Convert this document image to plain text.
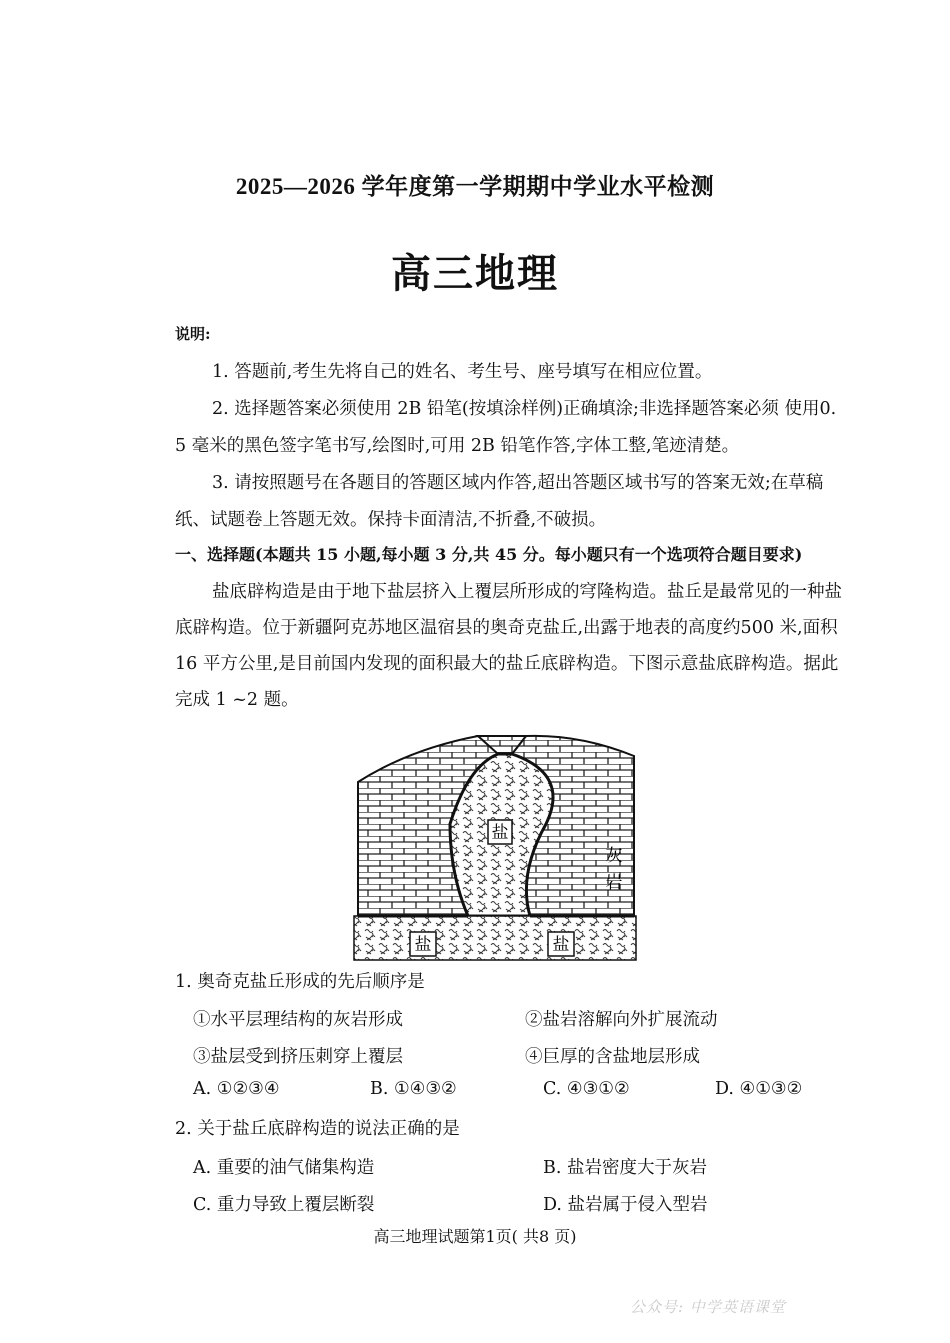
2025—2026 学年度第一学期期中学业水平检测
高三地理
说明:
1. 答题前,考生先将自己的姓名、考生号、座号填写在相应位置。
2. 选择题答案必须使用 2B 铅笔(按填涂样例)正确填涂;非选择题答案必须 使用0.
5 毫米的黑色签字笔书写,绘图时,可用 2B 铅笔作答,字体工整,笔迹清楚。
3. 请按照题号在各题目的答题区域内作答,超出答题区域书写的答案无效;在草稿
纸、试题卷上答题无效。保持卡面清洁,不折叠,不破损。
一、选择题(本题共 15 小题,每小题 3 分,共 45 分。每小题只有一个选项符合题目要求)
盐底辟构造是由于地下盐层挤入上覆层所形成的穹隆构造。盐丘是最常见的一种盐
底辟构造。位于新疆阿克苏地区温宿县的奥奇克盐丘,出露于地表的高度约500 米,面积
16 平方公里,是目前国内发现的面积最大的盐丘底辟构造。下图示意盐底辟构造。据此
完成 1 ~2 题。
盐
灰
岩
盐	盐
1. 奥奇克盐丘形成的先后顺序是
①水平层理结构的灰岩形成	②盐岩溶解向外扩展流动
③盐层受到挤压刺穿上覆层	④巨厚的含盐地层形成
A. ①②③④	B. ①④③②	C. ④③①②	D. ④①③②
2. 关于盐丘底辟构造的说法正确的是
A. 重要的油气储集构造	B. 盐岩密度大于灰岩
C. 重力导致上覆层断裂	D. 盐岩属于侵入型岩
高三地理试题第1页( 共8 页)
公众号: 中学英语课堂
